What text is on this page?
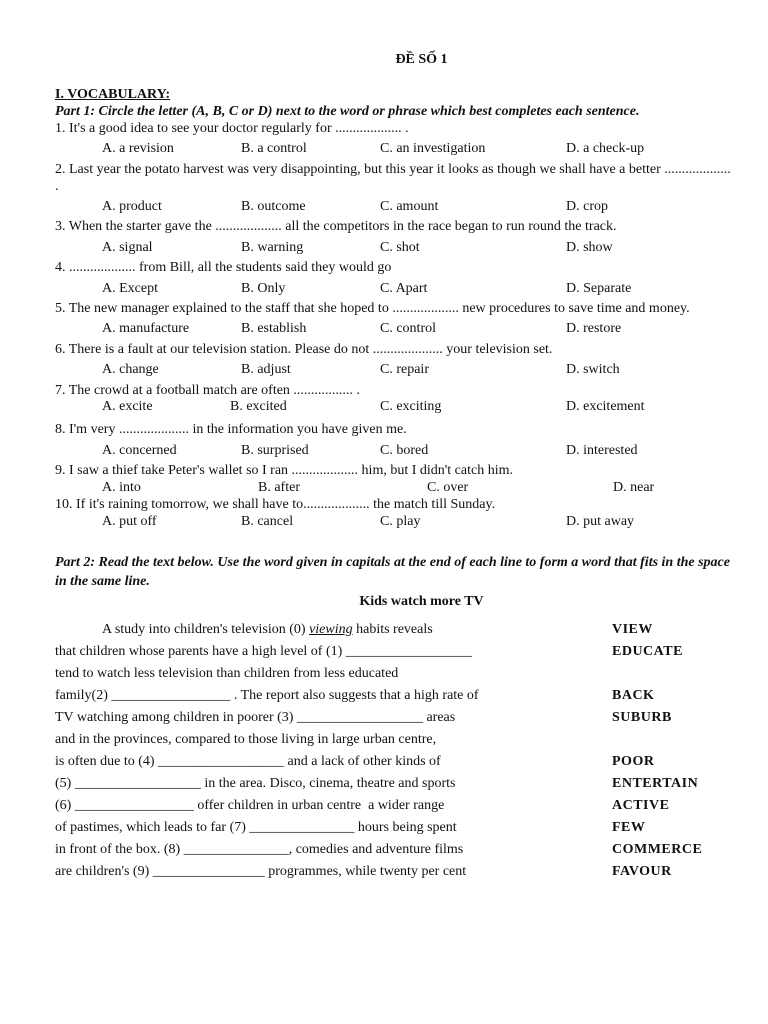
ĐỀ SỐ 1
I. VOCABULARY:
Part 1: Circle the letter (A, B, C or D) next to the word or phrase which best completes each sentence.
1. It's a good idea to see your doctor regularly for ................... .
A. a revision	B. a control	C. an investigation	D. a check-up
2. Last year the potato harvest was very disappointing, but this year it looks as though we shall have a better ................... .
A. product	B. outcome	C. amount	D. crop
3. When the starter gave the ................... all the competitors in the race began to run round the track.
A. signal	B. warning	C. shot	D. show
4. ................... from Bill, all the students said they would go
A. Except	B. Only	C. Apart	D. Separate
5. The new manager explained to the staff that she hoped to ................... new procedures to save time and money.
A. manufacture	B. establish	C. control	D. restore
6. There is a fault at our television station. Please do not .................... your television set.
A. change	B. adjust	C. repair	D. switch
7. The crowd at a football match are often ................. .
A. excite	B. excited	C. exciting	D. excitement
8. I'm very .................... in the information you have given me.
A. concerned	B. surprised	C. bored	D. interested
9. I saw a thief take Peter's wallet so I ran ................... him, but I didn't catch him.
A. into	B. after	C. over	D. near
10. If it's raining tomorrow, we shall have to................... the match till Sunday.
A. put off	B. cancel	C. play	D. put away
Part 2: Read the text below. Use the word given in capitals at the end of each line to form a word that fits in the space in the same line.
Kids watch more TV
A study into children's television (0) viewing habits reveals	VIEW
that children whose parents have a high level of (1) __________________	EDUCATE
tend to watch less television than children from less educated
family(2) _________________ . The report also suggests that a high rate of	BACK
TV watching among children in poorer (3) __________________ areas	SUBURB
and in the provinces, compared to those living in large urban centre,
is often due to (4) __________________ and a lack of other kinds of	POOR
(5) __________________ in the area. Disco, cinema, theatre and sports	ENTERTAIN
(6) _________________ offer children in urban centre  a wider range	ACTIVE
of pastimes, which leads to far (7) _______________ hours being spent	FEW
in front of the box. (8) _______________, comedies and adventure films	COMMERCE
are children's (9) ________________ programmes, while twenty per cent	FAVOUR
